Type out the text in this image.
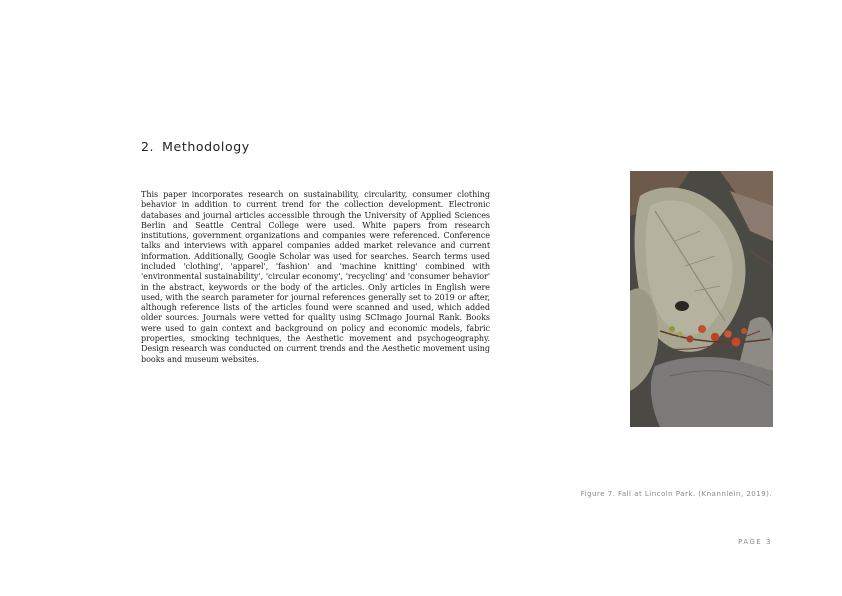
2. Methodology

This paper incorporates research on sustainability, circularity, consumer clothing behavior in addition to current trend for the collection development. Electronic databases and journal articles accessible through the University of Applied Sciences Berlin and Seattle Central College were used. White papers from research institutions, government organizations and companies were referenced. Conference talks and interviews with apparel companies added market relevance and current information. Additionally, Google Scholar was used for searches. Search terms used included 'clothing', 'apparel', 'fashion' and 'machine knitting' combined with 'environmental sustainability', 'circular economy', 'recycling' and 'consumer behavior' in the abstract, keywords or the body of the articles. Only articles in English were used, with the search parameter for journal references generally set to 2019 or after, although reference lists of the articles found were scanned and used, which added older sources. Journals were vetted for quality using SCImago Journal Rank. Books were used to gain context and background on policy and economic models, fabric properties, smocking techniques, the Aesthetic movement and psychogeography. Design research was conducted on current trends and the Aesthetic movement using books and museum websites.

Figure 7. Fall at Lincoln Park. (Knannlein, 2019).
PAGE 3
